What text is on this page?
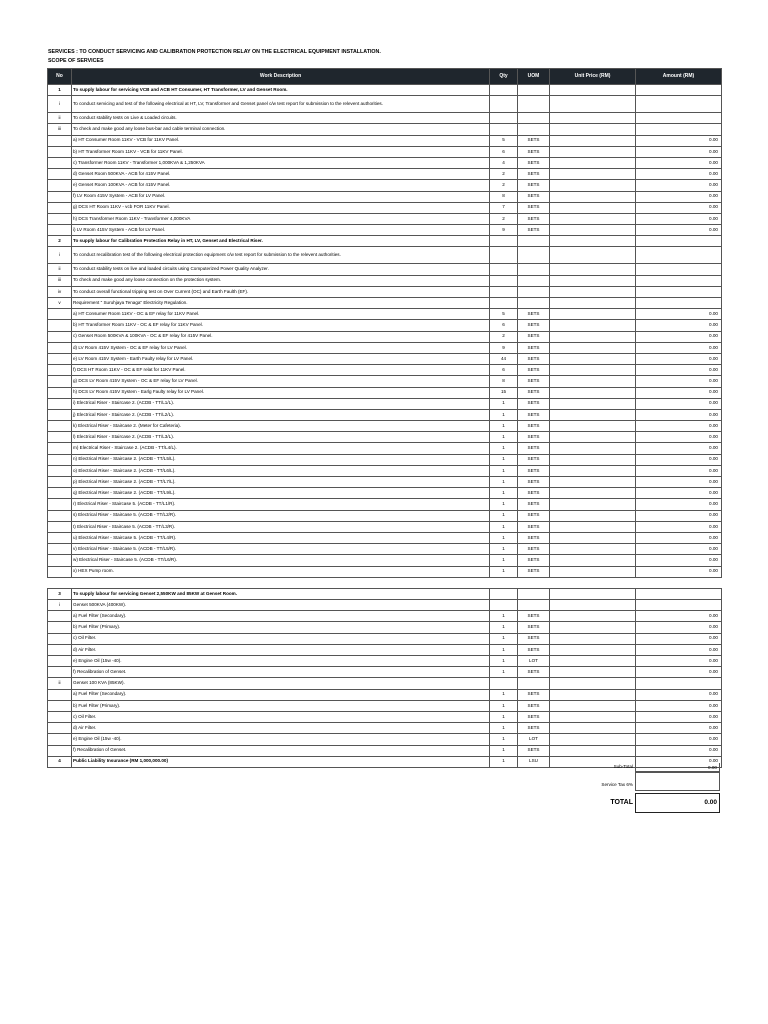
SERVICES : TO CONDUCT SERVICING AND CALIBRATION PROTECTION RELAY ON THE ELECTRICAL EQUIPMENT INSTALLATION.
SCOPE OF SERVICES
No	Work Description	Qty	UOM	Unit Price (RM)	Amount (RM)
1	To supply labour for servicing VCB and ACB HT Consumer, HT Transformer, LV and Genset Room.				
i	To conduct servicing and test of the following electrical at HT, LV, Transformer and Genset panel c/w test report for submission to the relevent authorities.				
ii	To conduct stability tests on Live & Loaded circuits.				
iii	To check and make good any loose bus-bar and cable terminal connection.				
	a) HT Consumer Room 11KV - VCB for 11KV Panel.	5	SETS		0.00
	b) HT Transformer Room 11KV - VCB for 11KV Panel.	6	SETS		0.00
	c) Transformer Room 11KV - Transformer 1,000KVA & 1,250KVA	4	SETS		0.00
	d) Genset Room 500KVA - ACB for 415V Panel.	2	SETS		0.00
	e) Genset Room 100KVA - ACB for 415V Panel.	2	SETS		0.00
	f) LV Room 415V System - ACB for LV Panel.	8	SETS		0.00
	g) DCS HT Room 11KV - vcb FOR 11KV Panel.	7	SETS		0.00
	h) DCS Transformer Room 11KV - Transformer 4,000KVA	2	SETS		0.00
	i) LV Room 415V System - ACB for LV Panel.	9	SETS		0.00
2	To supply labour for Calibration Protection Relay in HT, LV, Genset and Electrical Riser.				
i	To conduct recalibration test of the following electrical protection equipment c/w test report for submission to the relevent authorities.				
ii	To conduct stability tests on live and loaded circuits using Computerized Power Quality Analyzer.				
iii	To check and make good any loose connection on the protection system.				
iv	To conduct overall functional tripping test on Over Current (OC) and Earth Faulth (EF).				
v	Requirement " Suruhjaya Tenaga" Electricity Regulation.				
	a) HT Consumer Room 11KV - OC & EF relay for 11KV Panel.	5	SETS		0.00
	b) HT Transformer Room 11KV - OC & EF relay for 11KV Panel.	6	SETS		0.00
	c) Genset Room 500KVA & 100KVA - OC & EF relay for 415V Panel.	2	SETS		0.00
	d) LV Room 415V System - OC & EF relay for LV Panel.	9	SETS		0.00
	e) LV Room 415V System - Earth Faulty relay for LV Panel.	44	SETS		0.00
	f) DCS HT Room 11KV - OC & EF relat for 11KV Panel.	6	SETS		0.00
	g) DCS LV Room 415V System - OC & EF relay for LV Panel.	8	SETS		0.00
	h) DCS LV Room 415V System - Earlg Faulty relay for LV Panel.	15	SETS		0.00
	i) Electrical Riser - Staircase 2. (ACDB - TT/L1/L).	1	SETS		0.00
	j) Electrical Riser - Staircase 2. (ACDB - TT/L2/L).	1	SETS		0.00
	k) Electrical Riser - Staircase 2. (Meter for Cafeteria).	1	SETS		0.00
	l) Electrical Riser - Staircase 2. (ACDB - TT/L3/L).	1	SETS		0.00
	m) Electrical Riser - Staircase 2. (ACDB - TT/L4/L).	1	SETS		0.00
	n) Electrical Riser - Staircase 2. (ACDB - TT/L5/L).	1	SETS		0.00
	o) Electrical Riser - Staircase 2. (ACDB - TT/L6/L).	1	SETS		0.00
	p) Electrical Riser - Staircase 2. (ACDB - TT/L7/L).	1	SETS		0.00
	q) Electrical Riser - Staircase 2. (ACDB - TT/L9/L).	1	SETS		0.00
	r) Electrical Riser - Staircase 5. (ACDB - TT/L1/R).	1	SETS		0.00
	s) Electrical Riser - Staircase 5. (ACDB - TT/L2/R).	1	SETS		0.00
	t) Electrical Riser - Staircase 5. (ACDB - TT/L3/R).	1	SETS		0.00
	u) Electrical Riser - Staircase 5. (ACDB - TT/L4/R).	1	SETS		0.00
	v) Electrical Riser - Staircase 5. (ACDB - TT/L5/R).	1	SETS		0.00
	w) Electrical Riser - Staircase 5. (ACDB - TT/L6/R).	1	SETS		0.00
	x) HEX Pump room.	1	SETS		0.00

3	To supply labour for servicing Genset 2,550KW and 85KW at Genset Room.				
i	Genset 500KVA (400KW).				
	a) Fuel Filter (Secondary).	1	SETS		0.00
	b) Fuel Filter (Primary).	1	SETS		0.00
	c) Oil Filter.	1	SETS		0.00
	d) Air Filter.	1	SETS		0.00
	e) Engine Oil (15w -40).	1	LOT		0.00
	f) Recalibration of Genset.	1	SETS		0.00
ii	Genset 100 KVA (85KW).				
	a) Fuel Filter (Secondary).	1	SETS		0.00
	b) Fuel Filter (Primary).	1	SETS		0.00
	c) Oil Filter.	1	SETS		0.00
	d) Air Filter.	1	SETS		0.00
	e) Engine Oil (15w -40).	1	LOT		0.00
	f) Recalibration of Genset.	1	SETS		0.00
4	Public Liability Insurance (RM 1,000,000.00)	1	LSU		0.00
Sub-Total	0.00
Service Tax 6%
TOTAL	0.00
